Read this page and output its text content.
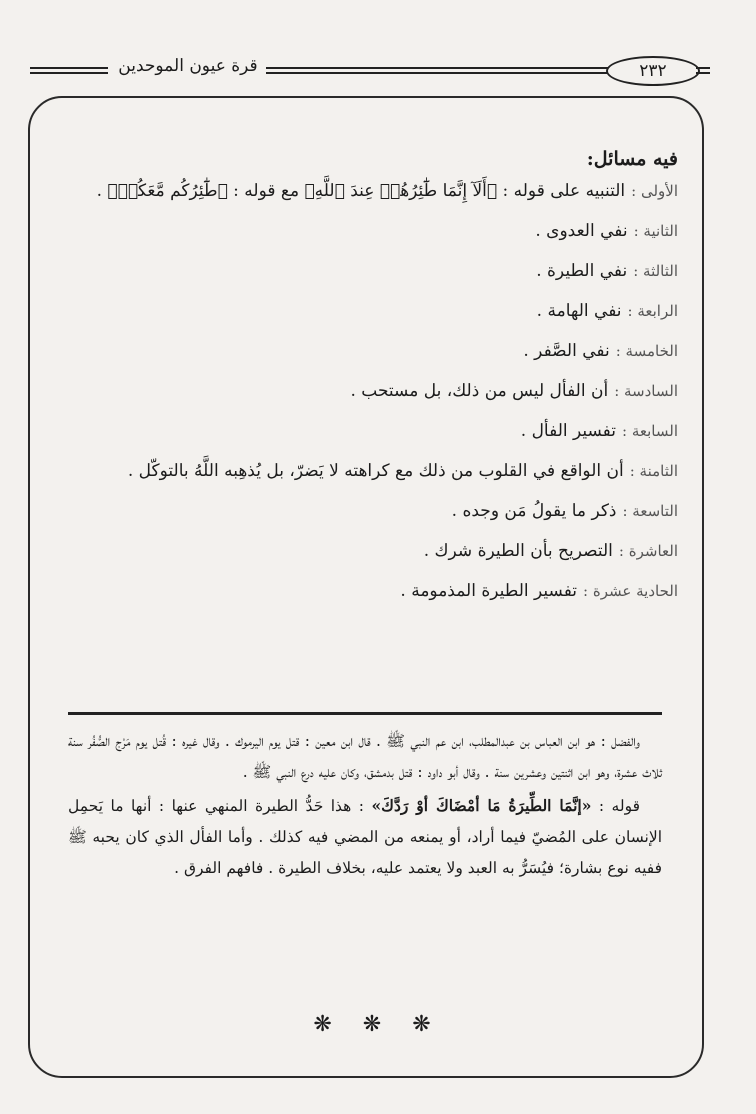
قرة عيون الموحدين	٢٣٢
فيه مسائل:
الأولى :
التنبيه على قوله : ﴿أَلَآ إِنَّمَا طَٰٓئِرُهُمۡ عِندَ ٱللَّهِ﴾ مع قوله : ﴿طَٰٓئِرُكُم مَّعَكُمۡ﴾ .
الثانية :
نفي العدوى .
الثالثة :
نفي الطيرة .
الرابعة :
نفي الهامة .
الخامسة :
نفي الصَّفر .
السادسة :
أن الفأل ليس من ذلك، بل مستحب .
السابعة :
تفسير الفأل .
الثامنة :
أن الواقع في القلوب من ذلك مع كراهته لا يَضرّ، بل يُذهِبه اللَّهُ بالتوكّل .
التاسعة :
ذكر ما يقولُ مَن وجده .
العاشرة :
التصريح بأن الطيرة شرك .
الحادية عشرة :
تفسير الطيرة المذمومة .

والفضل : هو ابن العباس بن عبدالمطلب، ابن عم النبي ﷺ . قال ابن معين : قتل يوم اليرموك . وقال غيره : قُتل يوم مَرْج الصُّفُر سنة ثلاث عشرة، وهو ابن اثنتين وعشرين سنة . وقال أبو داود : قتل بدمشق، وكان عليه درع النبي ﷺ .

قوله : «إنَّمَا الطِّيرَةُ مَا أمْضَاكَ أوْ رَدَّكَ» : هذا حَدُّ الطيرة المنهي عنها : أنها ما يَحمِل الإنسان على المُضيّ فيما أراد، أو يمنعه من المضي فيه كذلك . وأما الفأل الذي كان يحبه ﷺ ففيه نوع بشارة؛ فيُسَرُّ به العبد ولا يعتمد عليه، بخلاف الطيرة . فافهم الفرق .

❋ ❋ ❋
